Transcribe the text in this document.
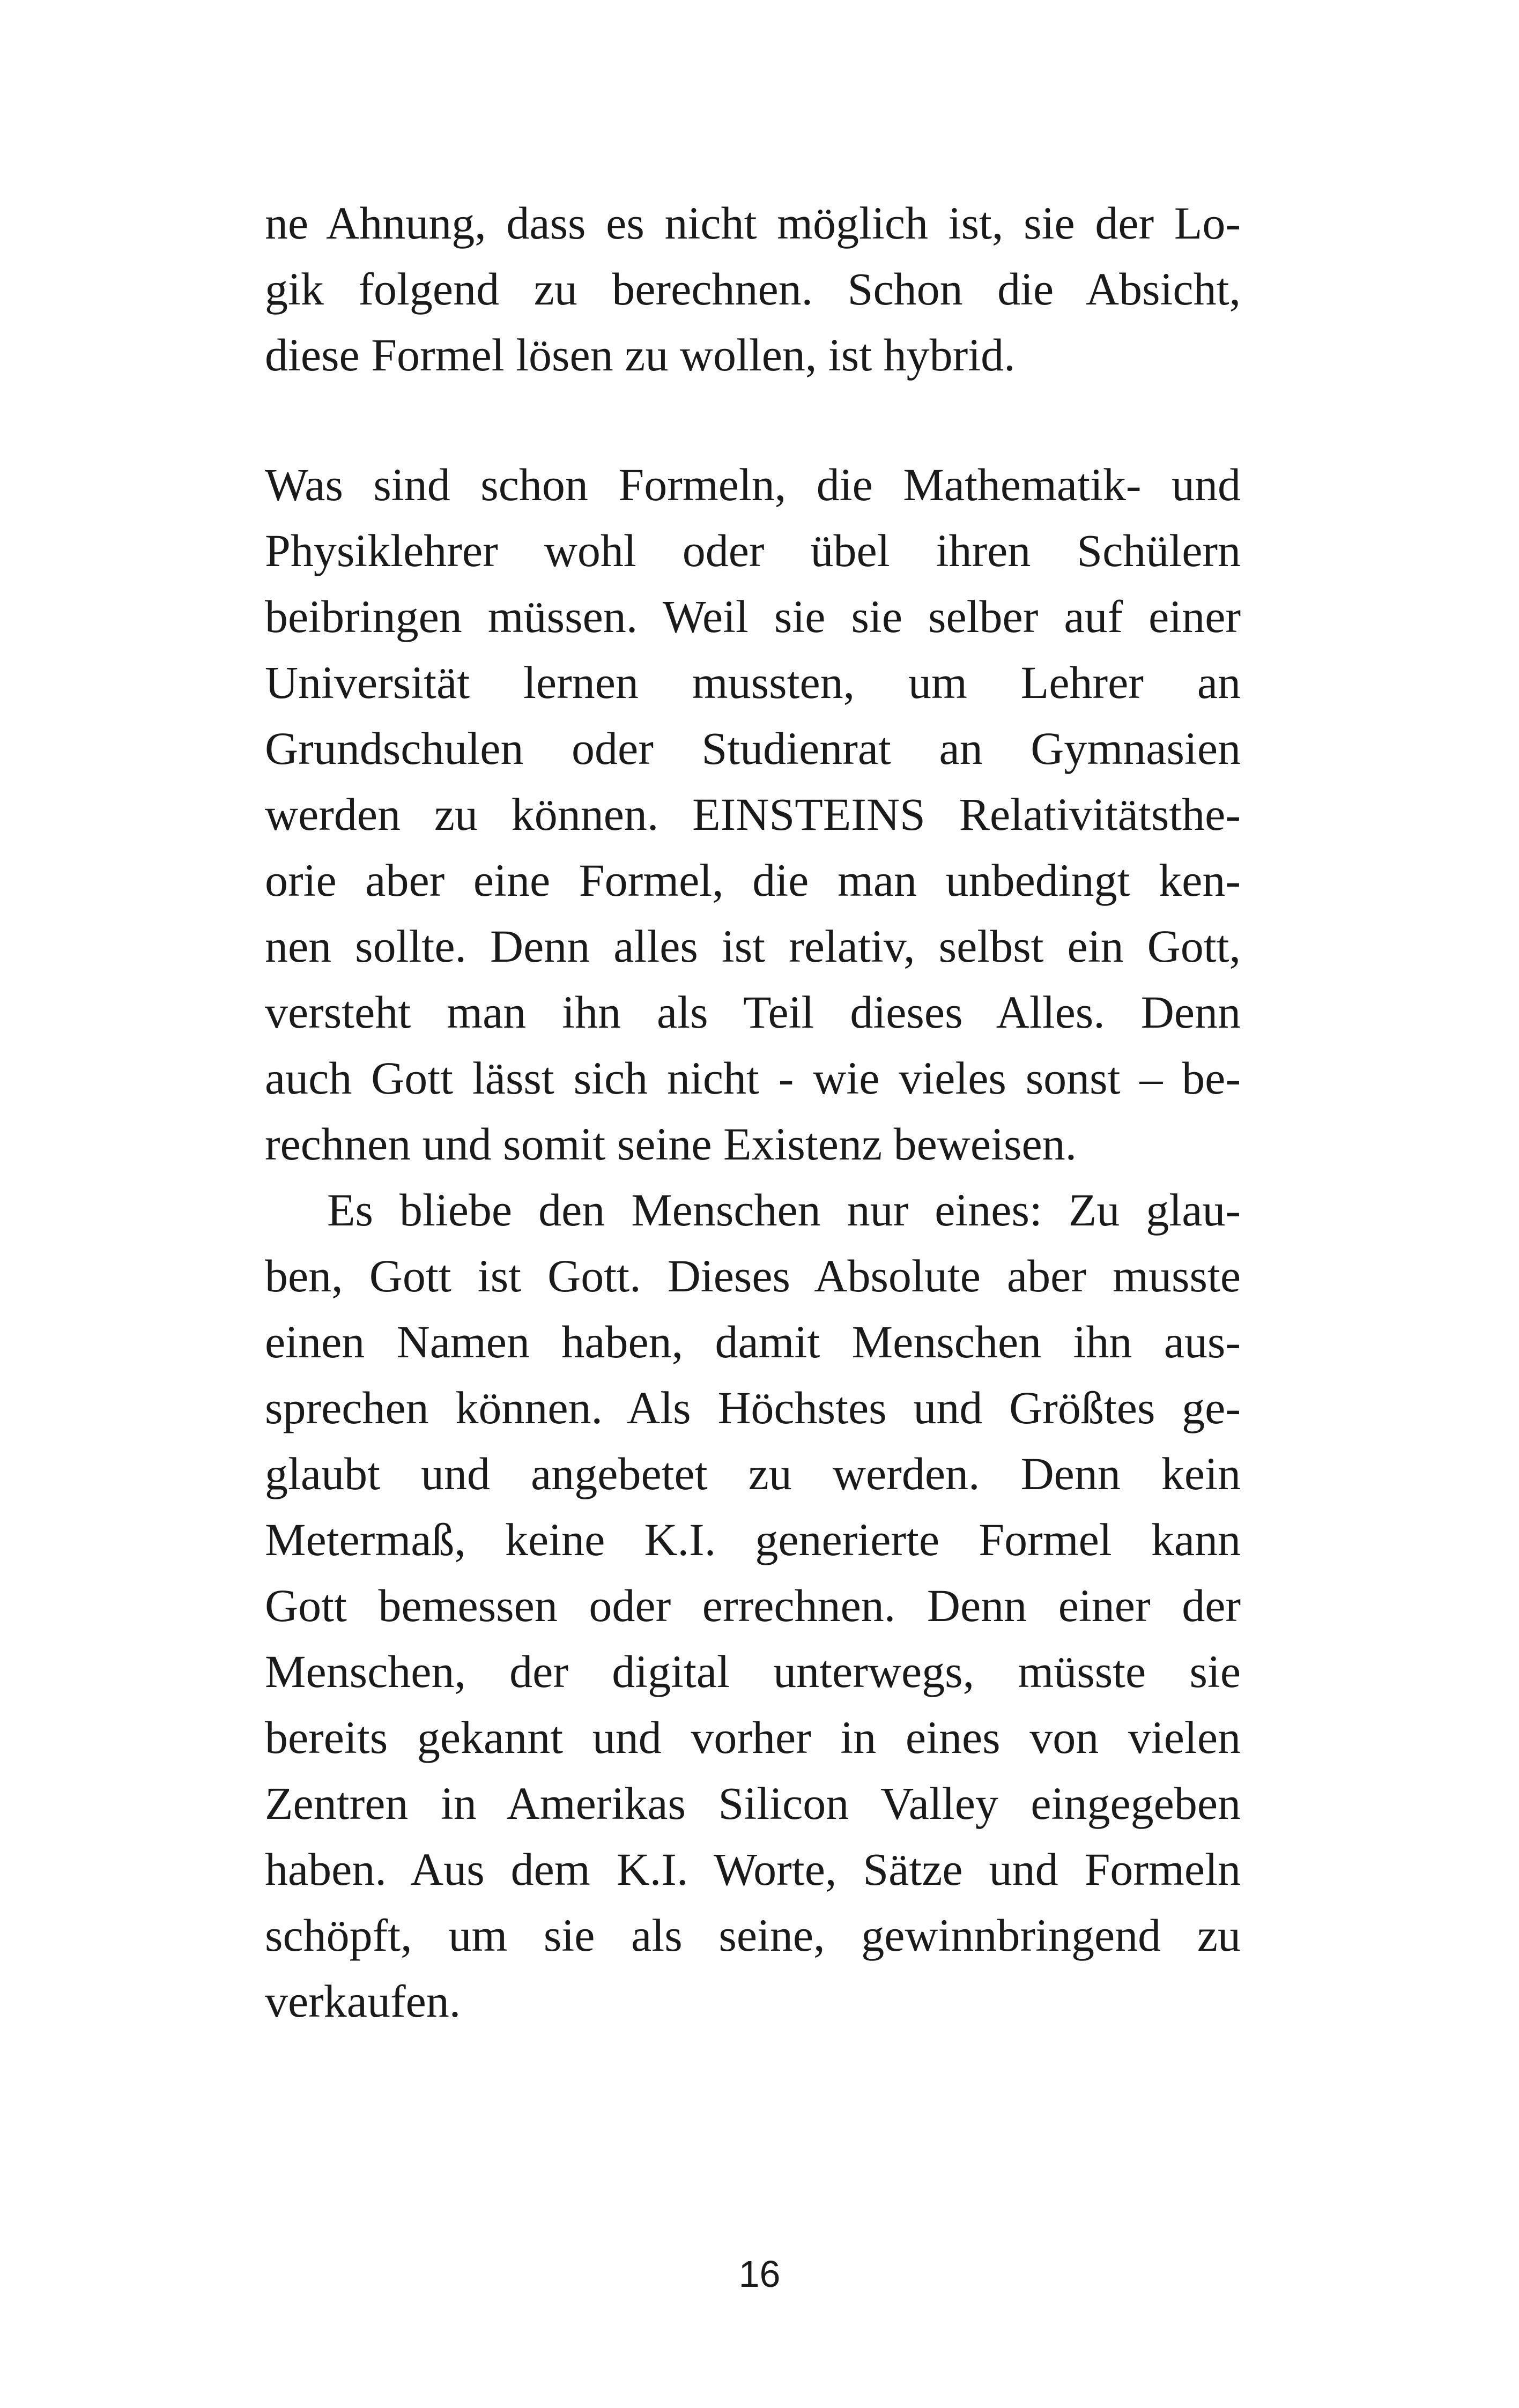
ne Ahnung, dass es nicht möglich ist, sie der Lo-
gik folgend zu berechnen. Schon die Absicht,
diese Formel lösen zu wollen, ist hybrid.
Was sind schon Formeln, die Mathematik- und
Physiklehrer wohl oder übel ihren Schülern
beibringen müssen. Weil sie sie selber auf einer
Universität lernen mussten, um Lehrer an
Grundschulen oder Studienrat an Gymnasien
werden zu können. EINSTEINS Relativitätsthe-
orie aber eine Formel, die man unbedingt ken-
nen sollte. Denn alles ist relativ, selbst ein Gott,
versteht man ihn als Teil dieses Alles. Denn
auch Gott lässt sich nicht - wie vieles sonst – be-
rechnen und somit seine Existenz beweisen.
Es bliebe den Menschen nur eines: Zu glau-
ben, Gott ist Gott. Dieses Absolute aber musste
einen Namen haben, damit Menschen ihn aus-
sprechen können. Als Höchstes und Größtes ge-
glaubt und angebetet zu werden. Denn kein
Metermaß, keine K.I. generierte Formel kann
Gott bemessen oder errechnen. Denn einer der
Menschen, der digital unterwegs, müsste sie
bereits gekannt und vorher in eines von vielen
Zentren in Amerikas Silicon Valley eingegeben
haben. Aus dem K.I. Worte, Sätze und Formeln
schöpft, um sie als seine, gewinnbringend zu
verkaufen.
16
